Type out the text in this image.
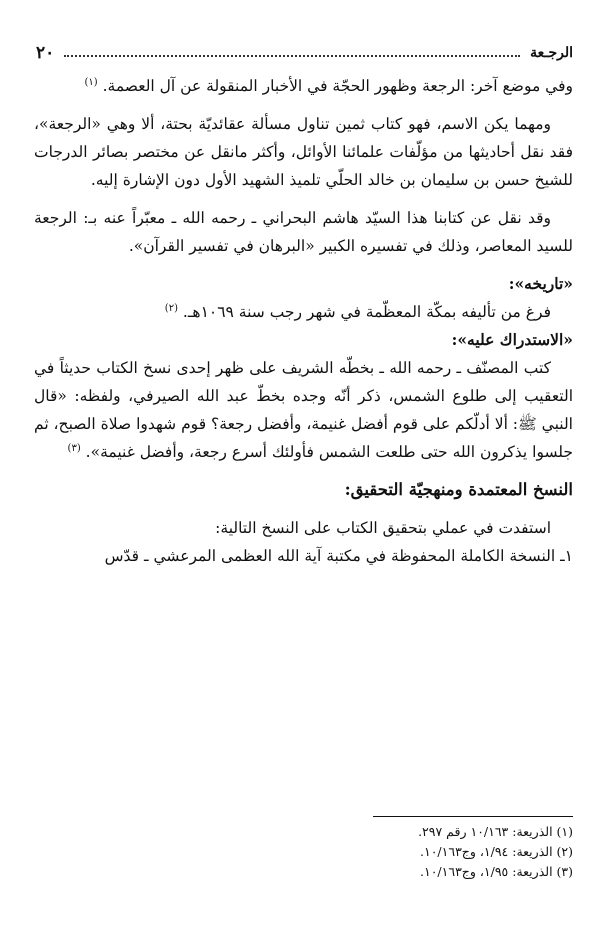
٢٠	الرجـعة

وفي موضع آخر: الرجعة وظهور الحجّة في الأخبار المنقولة عن آل العصمة. $^{(١)}$

ومهما يكن الاسم، فهو كتاب ثمين تناول مسألة عقائديّة بحتة، ألا وهي «الرجعة»، فقد نقل أحاديثها من مؤلّفات علمائنا الأوائل، وأكثر مانقل عن مختصر بصائر الدرجات للشيخ حسن بن سليمان بن خالد الحلّي تلميذ الشهيد الأول دون الإشارة إليه.

وقد نقل عن كتابنا هذا السيّد هاشم البحراني ـ رحمه الله ـ معبّراً عنه بـ: الرجعة للسيد المعاصر، وذلك في تفسيره الكبير «البرهان في تفسير القرآن».

«تاريخه»:

فرغ من تأليفه بمكّة المعظّمة في شهر رجب سنة ١٠٦٩هـ. $^{(٢)}$

«الاستدراك عليه»:

كتب المصنّف ـ رحمه الله ـ بخطّه الشريف على ظهر إحدى نسخ الكتاب حديثاً في التعقيب إلى طلوع الشمس، ذكر أنّه وجده بخطّ عبد الله الصيرفي، ولفظه: «قال النبي ﷺ: ألا أدلّكم على قوم أفضل غنيمة، وأفضل رجعة؟ قوم شهدوا صلاة الصبح، ثم جلسوا يذكرون الله حتى طلعت الشمس فأولئك أسرع رجعة، وأفضل غنيمة». $^{(٣)}$

النسخ المعتمدة ومنهجيّة التحقيق:

استفدت في عملي بتحقيق الكتاب على النسخ التالية:

١ـ النسخة الكاملة المحفوظة في مكتبة آية الله العظمى المرعشي ـ قدّس

(١) الذريعة: ١٠/١٦٣ رقم ٢٩٧.
(٢) الذريعة: ١/٩٤، وج١٠/١٦٣.
(٣) الذريعة: ١/٩٥، وج١٠/١٦٣.
